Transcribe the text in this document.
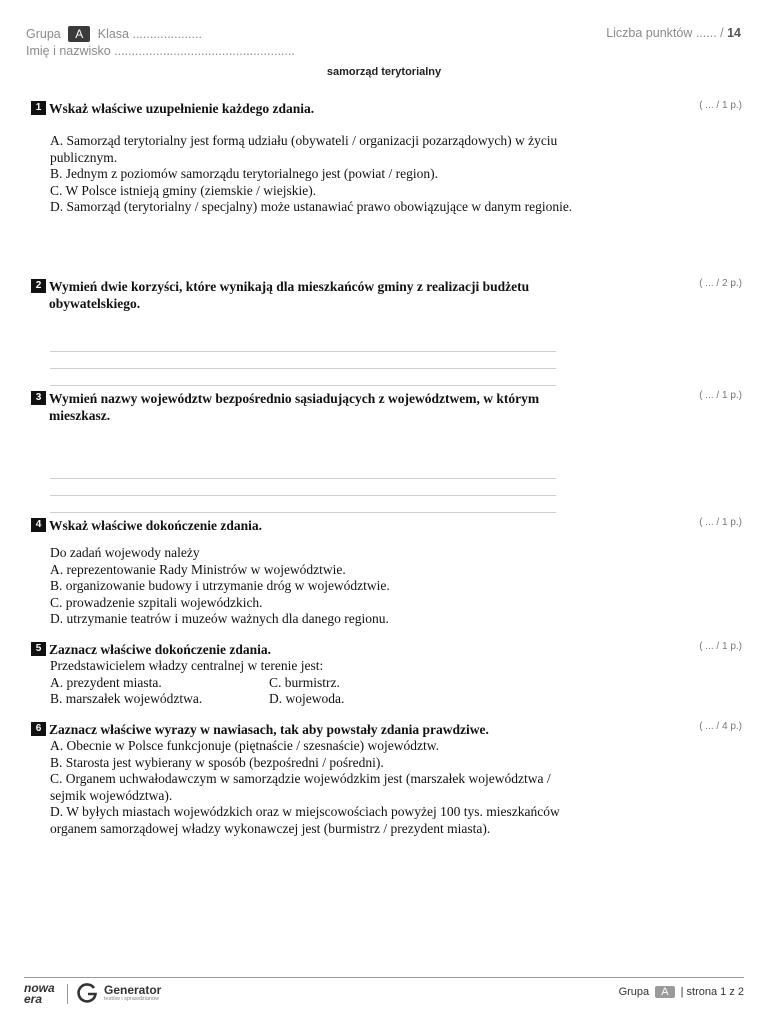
Grupa A Klasa ....................
Imię i nazwisko ....................................................
Liczba punktów ...... / 14
samorząd terytorialny
1 Wskaż właściwe uzupełnienie każdego zdania.	( ... / 1 p.)

A. Samorząd terytorialny jest formą udziału (obywateli / organizacji pozarządowych) w życiu publicznym.

B. Jednym z poziomów samorządu terytorialnego jest (powiat / region).

C. W Polsce istnieją gminy (ziemskie / wiejskie).

D. Samorząd (terytorialny / specjalny) może ustanawiać prawo obowiązujące w danym regionie.

2 Wymień dwie korzyści, które wynikają dla mieszkańców gminy z realizacji budżetu obywatelskiego.
( ... / 2 p.)
3 Wymień nazwy województw bezpośrednio sąsiadujących z województwem, w którym mieszkasz.
( ... / 1 p.)
4 Wskaż właściwe dokończenie zdania.	( ... / 1 p.)

Do zadań wojewody należy

A. reprezentowanie Rady Ministrów w województwie.

B. organizowanie budowy i utrzymanie dróg w województwie.

C. prowadzenie szpitali wojewódzkich.

D. utrzymanie teatrów i muzeów ważnych dla danego regionu.

5 Zaznacz właściwe dokończenie zdania.	( ... / 1 p.)

Przedstawicielem władzy centralnej w terenie jest:

A. prezydent miasta.	C. burmistrz.
B. marszałek województwa.	D. wojewoda.
6 Zaznacz właściwe wyrazy w nawiasach, tak aby powstały zdania prawdziwe.	( ... / 4 p.)

A. Obecnie w Polsce funkcjonuje (piętnaście / szesnaście) województw.

B. Starosta jest wybierany w sposób (bezpośredni / pośredni).

C. Organem uchwałodawczym w samorządzie wojewódzkim jest (marszałek województwa / sejmik województwa).

D. W byłych miastach wojewódzkich oraz w miejscowościach powyżej 100 tys. mieszkańców organem samorządowej władzy wykonawczej jest (burmistrz / prezydent miasta).

nowa
era
Generator
testów i sprawdzianów
Grupa A | strona 1 z 2
